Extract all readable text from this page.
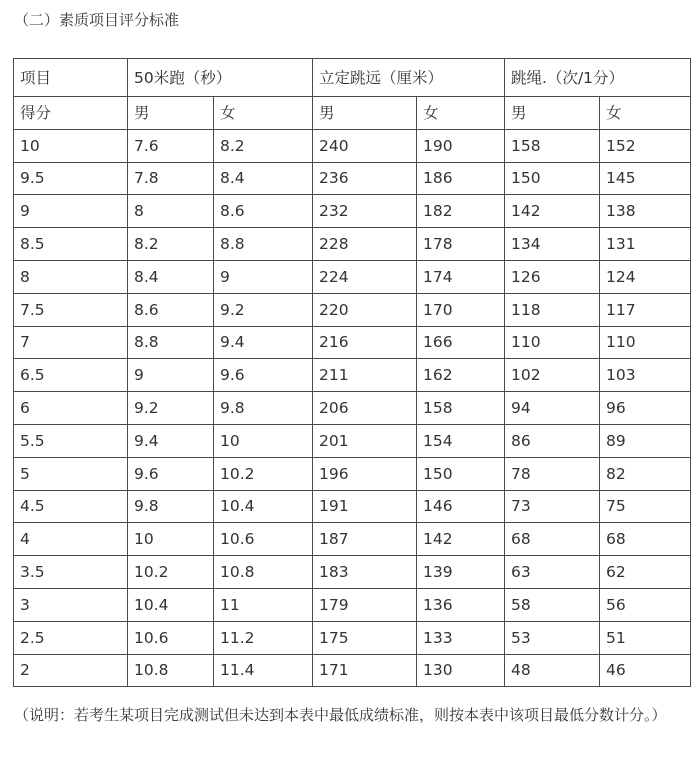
（二）素质项目评分标准
项目	50米跑（秒）		立定跳远（厘米）		跳绳.（次/1分）	
得分	男	女	男	女	男	女
10	7.6	8.2	240	190	158	152
9.5	7.8	8.4	236	186	150	145
9	8	8.6	232	182	142	138
8.5	8.2	8.8	228	178	134	131
8	8.4	9	224	174	126	124
7.5	8.6	9.2	220	170	118	117
7	8.8	9.4	216	166	110	110
6.5	9	9.6	211	162	102	103
6	9.2	9.8	206	158	94	96
5.5	9.4	10	201	154	86	89
5	9.6	10.2	196	150	78	82
4.5	9.8	10.4	191	146	73	75
4	10	10.6	187	142	68	68
3.5	10.2	10.8	183	139	63	62
3	10.4	11	179	136	58	56
2.5	10.6	11.2	175	133	53	51
2	10.8	11.4	171	130	48	46

（说明：若考生某项目完成测试但未达到本表中最低成绩标准，则按本表中该项目最低分数计分。）
